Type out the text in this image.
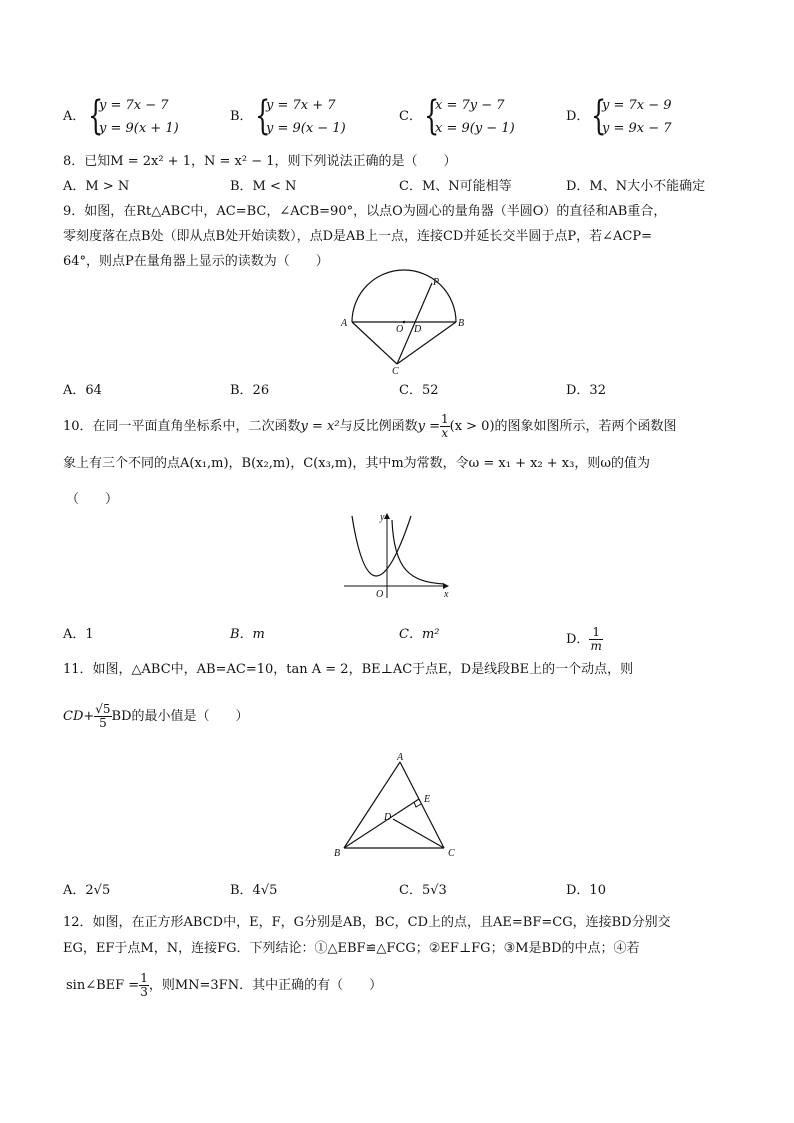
A． {
y = 7x − 7
y = 9(x + 1)
B． {
y = 7x + 7
y = 9(x − 1)
C． {
x = 7y − 7
x = 9(y − 1)
D． {
y = 7x − 9
y = 9x − 7
8．已知M = 2x² + 1，N = x² − 1，则下列说法正确的是（　　）
A．M > N	B．M < N	C．M、N可能相等	D．M、N大小不能确定
9．如图，在Rt△ABC中，AC=BC，∠ACB=90°，以点O为圆心的量角器（半圆O）的直径和AB重合，
零刻度落在点B处（即从点B处开始读数），点D是AB上一点，连接CD并延长交半圆于点P，若∠ACP=
64°，则点P在量角器上显示的读数为（　　）
A	B
C
O D
P
A．64	B．26	C．52	D．32
10．在同一平面直角坐标系中，二次函数y = x²与反比例函数$y = \frac{1}{x} (x > 0)$的图象如图所示，若两个函数图
象上有三个不同的点A(x₁,m)，B(x₂,m)，C(x₃,m)，其中m为常数，令ω = x₁ + x₂ + x₃，则ω的值为
（　　）
y
x
O
A．1	B．m	C．m²	D． $\frac{1}{m}$
11．如图，△ABC中，AB=AC=10，tan A = 2，BE⊥AC于点E，D是线段BE上的一个动点，则
$CD+ \frac{√5}{5}$ BD的最小值是（　　）
A
B	C
D
E
A．2√5	B．4√5	C．5√3	D．10
12．如图，在正方形ABCD中，E，F，G分别是AB，BC，CD上的点，且AE=BF=CG，连接BD分别交
EG，EF于点M，N，连接FG．下列结论：①△EBF≌△FCG；②EF⊥FG；③M是BD的中点；④若
sin∠BEF = $\frac{1}{3}$ ，则MN=3FN．其中正确的有（　　）
